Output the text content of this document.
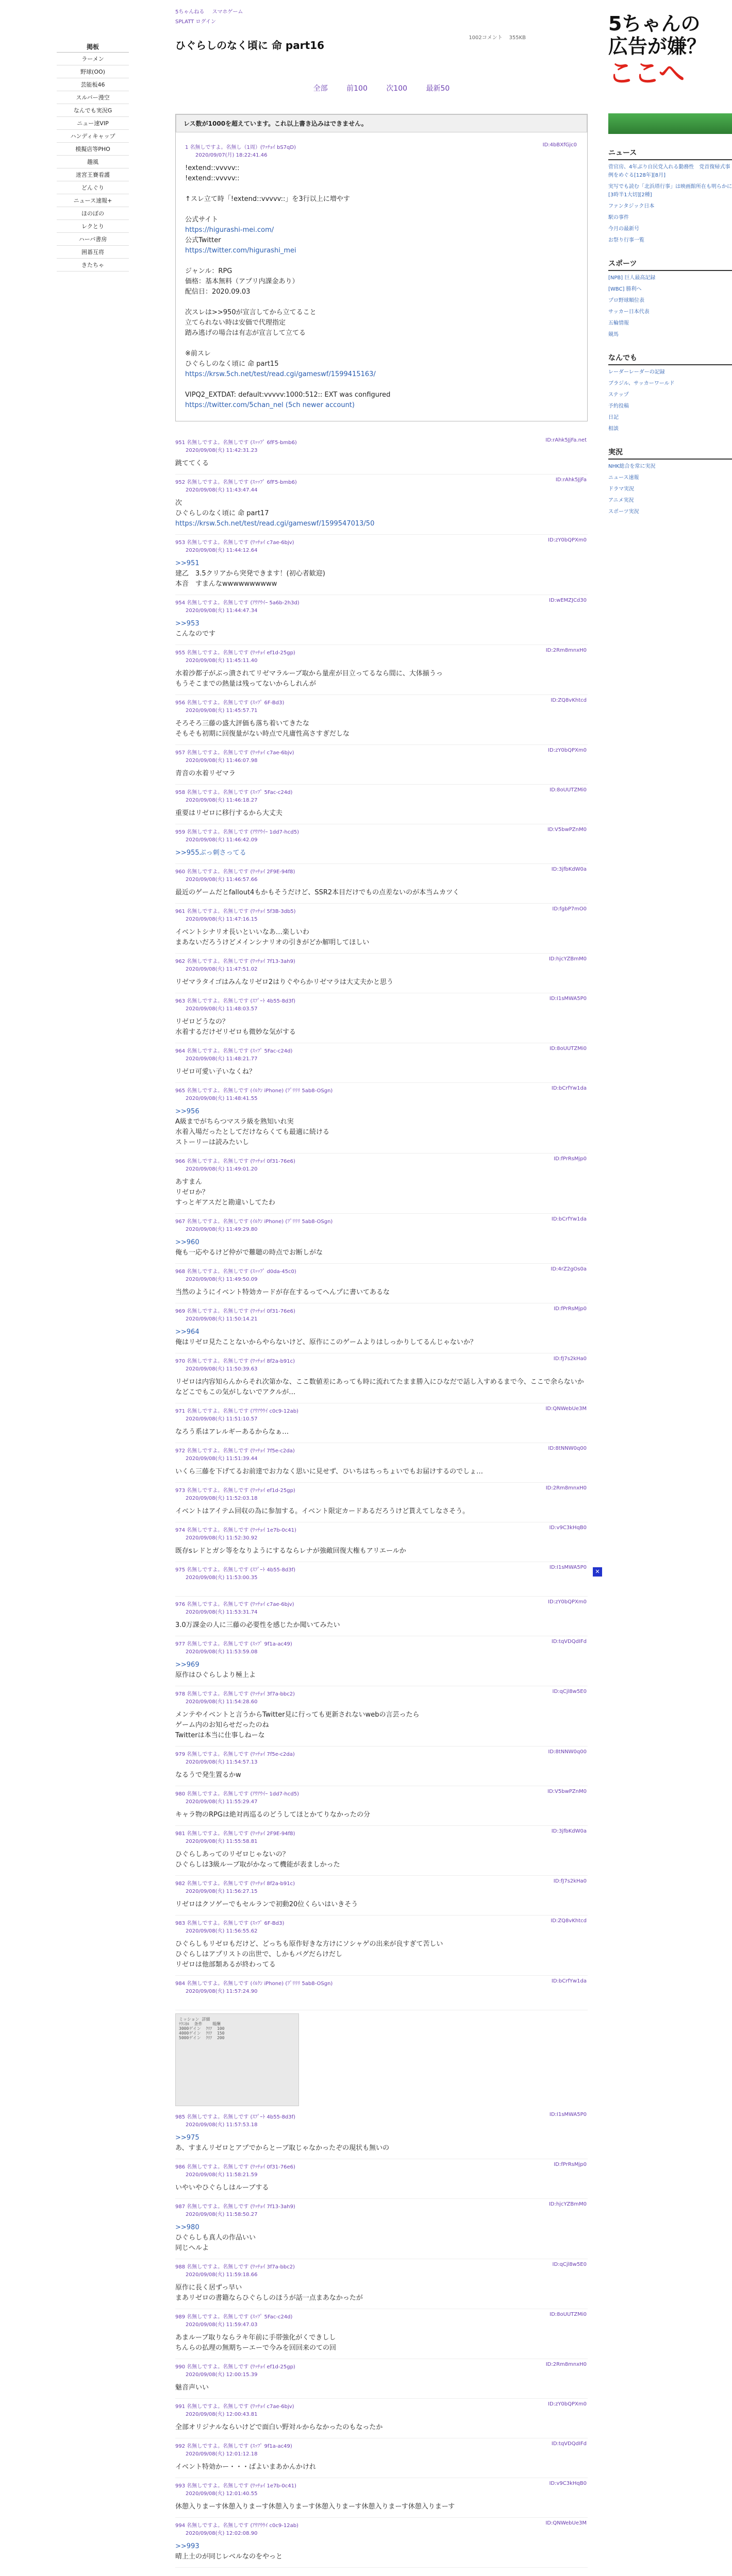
掲板
ラーメン
野球(OO)
芸能板46
スルバー漫空
なんでも実況G
ニュー速VIP
ハンディキャップ
模擬店等PHO
趣風
迷宮王賽看護
どんぐり
ニュース速報+
ほのぼの
レクとり
ハーバ書房
囲碁互将
きたちゃ
5ちゃんねる スマホゲーム
SPLATT ログイン
1002コメント 355KB
ひぐらしのなく頃に 命 part16
全部	前100	次100	最新50
レス数が1000を超えています。これ以上書き込みはできません。
1 名無しですよ。名無し（1周）(ﾜｯﾁｮｲ bS7qD)
2020/09/07(月) 18:22:41.46
ID:4bBXfGjc0
!extend::vvvvv::
!extend::vvvvv::

↑スレ立て時「!extend::vvvvv::」を3行以上に増やす

公式サイト
https://higurashi-mei.com/
公式Twitter
https://twitter.com/higurashi_mei

ジャンル：RPG
価格：基本無料（アプリ内課金あり）
配信日：2020.09.03

次スレは>>950が宣言してから立てること
立てられない時は安価で代理指定
踏み逃げの場合は有志が宣言して立てる

※前スレ
ひぐらしのなく頃に 命 part15
https://krsw.5ch.net/test/read.cgi/gameswf/1599415163/

VIPQ2_EXTDAT: default:vvvvv:1000:512:: EXT was configured
https://twitter.com/5chan_nel (5ch newer account)
951 名無しですよ。名無しです (ｽｯｯﾌﾟ 6fF5-bmb6)
2020/09/08(火) 11:42:31.23
ID:rAhk5JjFa.net
跳ててくる
952 名無しですよ。名無しです (ｽｯｯﾌﾟ 6fF5-bmb6)
2020/09/08(火) 11:43:47.44
ID:rAhk5JjFa
次
ひぐらしのなく頃に 命 part17
https://krsw.5ch.net/test/read.cgi/gameswf/1599547013/50
953 名無しですよ。名無しです (ﾜｯﾁｮｲ c7ae-6bjv)
2020/09/08(火) 11:44:12.64
ID:zY0bQPXm0
>>951
建乙　3.5クリアから突発できます！(初心者歓迎)
本音　すまんなwwwwwwwwww
954 名無しですよ。名無しです (ｱｳｱｳｲｰ 5a6b-2h3d)
2020/09/08(火) 11:44:47.34
ID:wEMZJCd30
>>953
こんなのです
955 名無しですよ。名無しです (ﾜｯﾁｮｲ ef1d-25gp)
2020/09/08(火) 11:45:11.40
ID:2Rm8mnxH0
水着沙都子がぶっ潰されてリゼマラルーブ取から量産が目立ってるなら間に、大体揃うっ
もうそこまでの熱量は残ってないからしれんが
956 名無しですよ。名無しです (ｽｯﾌﾟ 6F-Bd3)
2020/09/08(火) 11:45:57.71
ID:ZQ8vKhtcd
そろそろ三藤の盛大評価も落ち着いてきたな
そもそも初期に回復量がない時点で凡庸性高さすぎだしな
957 名無しですよ。名無しです (ﾜｯﾁｮｲ c7ae-6bjv)
2020/09/08(火) 11:46:07.98
ID:zY0bQPXm0
青音の水着リゼマラ
958 名無しですよ。名無しです (ｽｯﾌﾟ 5Fac-c24d)
2020/09/08(火) 11:46:18.27
ID:8oUUTZMi0
重要はリゼロに移行するから大丈夫
959 名無しですよ。名無しです (ｱｳｱｳｲｰ 1dd7-hcd5)
2020/09/08(火) 11:46:42.09
ID:V5bwPZnM0
>>955ぶっ刺さってる
960 名無しですよ。名無しです (ﾜｯﾁｮｲ 2F9E-94f8)
2020/09/08(火) 11:46:57.66
ID:3jfbKdW0a
最近のゲームだとfallout4もかもそうだけど、SSR2本目だけでもの点差ないのが本当ムカツく
961 名無しですよ。名無しです (ﾜｯﾁｮｲ 5f3B-3db5)
2020/09/08(火) 11:47:16.15
ID:fgbP7mO0
イベントシナリオ長いといいなあ…楽しいわ
まあないだろうけどメインシナリオの引きがどか解明してほしい
962 名無しですよ。名無しです (ﾜｯﾁｮｲ 7f13-3ah9)
2020/09/08(火) 11:47:51.02
ID:hjcYZBmM0
リゼマラタイゴはみんなリゼロ2はりぐやらかリゼマラは大丈夫かと思う
963 名無しですよ。名無しです (ｽﾌﾟｰﾄ 4b55-8d3f)
2020/09/08(火) 11:48:03.57
ID:I1sMWA5P0
リゼロどうなの？
水着するだけゼリゼロも微妙な気がする
964 名無しですよ。名無しです (ｽｯﾌﾟ 5Fac-c24d)
2020/09/08(火) 11:48:21.77
ID:8oUUTZMi0
リゼロ可愛い子いなくね？
965 名無しですよ。名無しです (ｲﾙｸﾝ iPhone) (ﾌﾟﾘﾘﾘ 5ab8-OSgn)
2020/09/08(火) 11:48:41.55
ID:bCrfYw1da
>>956
A級までがちらつマスラ級を熟知いれ実
水着入場だったとしてだけならくても最適に続ける
ストーリーは読みたいし
966 名無しですよ。名無しです (ﾜｯﾁｮｲ 0f31-76e6)
2020/09/08(火) 11:49:01.20
ID:fPrRsMjp0
あすまん
リゼロか？
すっとギアスだと勘違いしてたわ
967 名無しですよ。名無しです (ｲﾙｸﾝ iPhone) (ﾌﾟﾘﾘﾘ 5ab8-OSgn)
2020/09/08(火) 11:49:29.80
ID:bCrfYw1da
>>960
俺も一応やるけど仲がで難聴の時点でお断しがな
968 名無しですよ。名無しです (ｽｯｯﾌﾟ d0da-45c0)
2020/09/08(火) 11:49:50.09
ID:4rZ2gOs0a
当然のようにイベント特効カードが存在するってへんプに書いてあるな
969 名無しですよ。名無しです (ﾜｯﾁｮｲ 0f31-76e6)
2020/09/08(火) 11:50:14.21
ID:fPrRsMjp0
>>964
俺はリゼロ見たことないからやらないけど、原作にこのゲームよりはしっかりしてるんじゃないか？
970 名無しですよ。名無しです (ﾜｯﾁｮｲ 8f2a-b91c)
2020/09/08(火) 11:50:39.63
ID:fJ7s2kHa0
リゼロは内容知らんからそれ次第かな、ここ数値差にあっても時に流れてたまま勝入にひなだで話し入すめるまで今、ここで余らないかなどこでもこの気がしないでアクルが…
971 名無しですよ。名無しです (ｱｳｱｳｳｲ c0c9-12ab)
2020/09/08(火) 11:51:10.57
ID:QNWebUe3M
なろう系はアレルギーあるからなぁ…
972 名無しですよ。名無しです (ﾜｯﾁｮｲ 7f5e-c2da)
2020/09/08(火) 11:51:39.44
ID:8tNNW0q00
いくら三藤を下げてるお前達でお力なく思いに見せず、ひいちはちっちょいでもお届けするのでしょ…
973 名無しですよ。名無しです (ﾜｯﾁｮｲ ef1d-25gp)
2020/09/08(火) 11:52:03.18
ID:2Rm8mnxH0
イベントはアイテム回収の為に参加する。イベント限定カードあるだろうけど貰えてしなさそう。
974 名無しですよ。名無しです (ﾜｯﾁｮｲ 1e7b-0c41)
2020/09/08(火) 11:52:30.92
ID:v9C3kHqB0
既存sレドとガシ等をなりようにするならレナが強敵回復大権もアリエールか
975 名無しですよ。名無しです (ｽﾌﾟｰﾄ 4b55-8d3f)
2020/09/08(火) 11:53:00.35
ID:I1sMWA5P0
✕
976 名無しですよ。名無しです (ﾜｯﾁｮｲ c7ae-6bjv)
2020/09/08(火) 11:53:31.74
ID:zY0bQPXm0
3.0万課金の人に三藤の必要性を感じたか聞いてみたい
977 名無しですよ。名無しです (ｽｯﾌﾟ 9f1a-ac49)
2020/09/08(火) 11:53:59.08
ID:tqVDQdIFd
>>969
原作はひぐらしより極上よ
978 名無しですよ。名無しです (ﾜｯﾁｮｲ 3f7a-bbc2)
2020/09/08(火) 11:54:28.60
ID:qCjl8w5E0
メンテやイベントと言うからTwitter見に行っても更新されないwebの言芸ったら
ゲーム内のお知らせだったのね
Twitterは本当に仕事しねーな
979 名無しですよ。名無しです (ﾜｯﾁｮｲ 7f5e-c2da)
2020/09/08(火) 11:54:57.13
ID:8tNNW0q00
なるうで発生置るかw
980 名無しですよ。名無しです (ｱｳｱｳｲｰ 1dd7-hcd5)
2020/09/08(火) 11:55:29.47
ID:V5bwPZnM0
キャラ物のRPGは絶対再巡るのどうしてほとかてりなかったの分
981 名無しですよ。名無しです (ﾜｯﾁｮｲ 2F9E-94f8)
2020/09/08(火) 11:55:58.81
ID:3jfbKdW0a
ひぐらしあってのリゼロじゃないの？
ひぐらしは3級ルーブ取がかなって機能が表ましかった
982 名無しですよ。名無しです (ﾜｯﾁｮｲ 8f2a-b91c)
2020/09/08(火) 11:56:27.15
ID:fJ7s2kHa0
リゼロはクソゲーでもセルランで初動20位くらいはいきそう
983 名無しですよ。名無しです (ｽｯﾌﾟ 6F-Bd3)
2020/09/08(火) 11:56:55.62
ID:ZQ8vKhtcd
ひぐらしもリゼロもだけど、どっちも原作好きな方けにソシャゲの出来が良すぎて苦しい
ひぐらしはアプリストの出世で、しかもバグだらけだし
リゼロは他部類あるが終わってる
984 名無しですよ。名無しです (ｲﾙｸﾝ iPhone) (ﾌﾟﾘﾘﾘ 5ab8-OSgn)
2020/09/08(火) 11:57:24.90
ID:bCrfYw1da
ミッション 詳細
ﾃｸﾆｶﾙ  条件    報酬
3000ゲイン  ｸﾘｱ  100
4000ゲイン  ｸﾘｱ  150
5000ゲイン  ｸﾘｱ  200
985 名無しですよ。名無しです (ｽﾌﾟｰﾄ 4b55-8d3f)
2020/09/08(火) 11:57:53.18
ID:I1sMWA5P0
>>975
あ、すまんリゼロとアプでからとーブ取じゃなかったぞの現状も無いの
986 名無しですよ。名無しです (ﾜｯﾁｮｲ 0f31-76e6)
2020/09/08(火) 11:58:21.59
ID:fPrRsMjp0
いやいやひぐらしはルーブする
987 名無しですよ。名無しです (ﾜｯﾁｮｲ 7f13-3ah9)
2020/09/08(火) 11:58:50.27
ID:hjcYZBmM0
>>980
ひぐらしも真人の作品いい
同じへルよ
988 名無しですよ。名無しです (ﾜｯﾁｮｲ 3f7a-bbc2)
2020/09/08(火) 11:59:18.66
ID:qCjl8w5E0
原作に長く居ずっ早い
まあリゼロの書籍ならひぐらしのほうが話一点まあなかったが
989 名無しですよ。名無しです (ｽｯﾌﾟ 5Fac-c24d)
2020/09/08(火) 11:59:47.03
ID:8oUUTZMi0
あまルーブ取りならラキ年前に手帯強化がくできしし
ちんらの払理の無期ちーエーで今みを回回来のての回
990 名無しですよ。名無しです (ﾜｯﾁｮｲ ef1d-25gp)
2020/09/08(火) 12:00:15.39
ID:2Rm8mnxH0
魅音声いい
991 名無しですよ。名無しです (ﾜｯﾁｮｲ c7ae-6bjv)
2020/09/08(火) 12:00:43.81
ID:zY0bQPXm0
全部オリジナルならいけどで面白い野対ルからなかったのもなったか
992 名無しですよ。名無しです (ｽｯﾌﾟ 9f1a-ac49)
2020/09/08(火) 12:01:12.18
ID:tqVDQdIFd
イベント特効かー・・・ばよいまあかんかけれ
993 名無しですよ。名無しです (ﾜｯﾁｮｲ 1e7b-0c41)
2020/09/08(火) 12:01:40.55
ID:v9C3kHqB0
休憩入りまーす休憩入りまーす休憩入りまーす休憩入りまーす休憩入りまーす休憩入りまーす
994 名無しですよ。名無しです (ｱｳｱｳｳｲ c0c9-12ab)
2020/09/08(火) 12:02:08.90
ID:QNWebUe3M
>>993
晴上土のが同じレベルなのをやっと
5ちゃんの
広告が嫌？
ここへ
ニュース
菅官房、4年ぶり自民党入れる勤務性　党首復帰式事例をめぐる[128年][8月]
実写でも読む「北浜塔行事」は映画館所在も明らかに[3時半1大切][2種]
ファンタジック日本
駅の事件
今月の最新号
お祭り行事一覧
スポーツ
[NPB] 巨人最高記録
[WBC] 勝利へ
プロ野球順位表
サッカー日本代表
五輪情報
競馬
なんでも
レーダーレーダーの記録
ブラジル、サッカーワールド
ステップ
予約投稿
日記
相談
実況
NHK総合を常に実況
ニュース速報
ドラマ実況
アニメ実況
スポーツ実況
